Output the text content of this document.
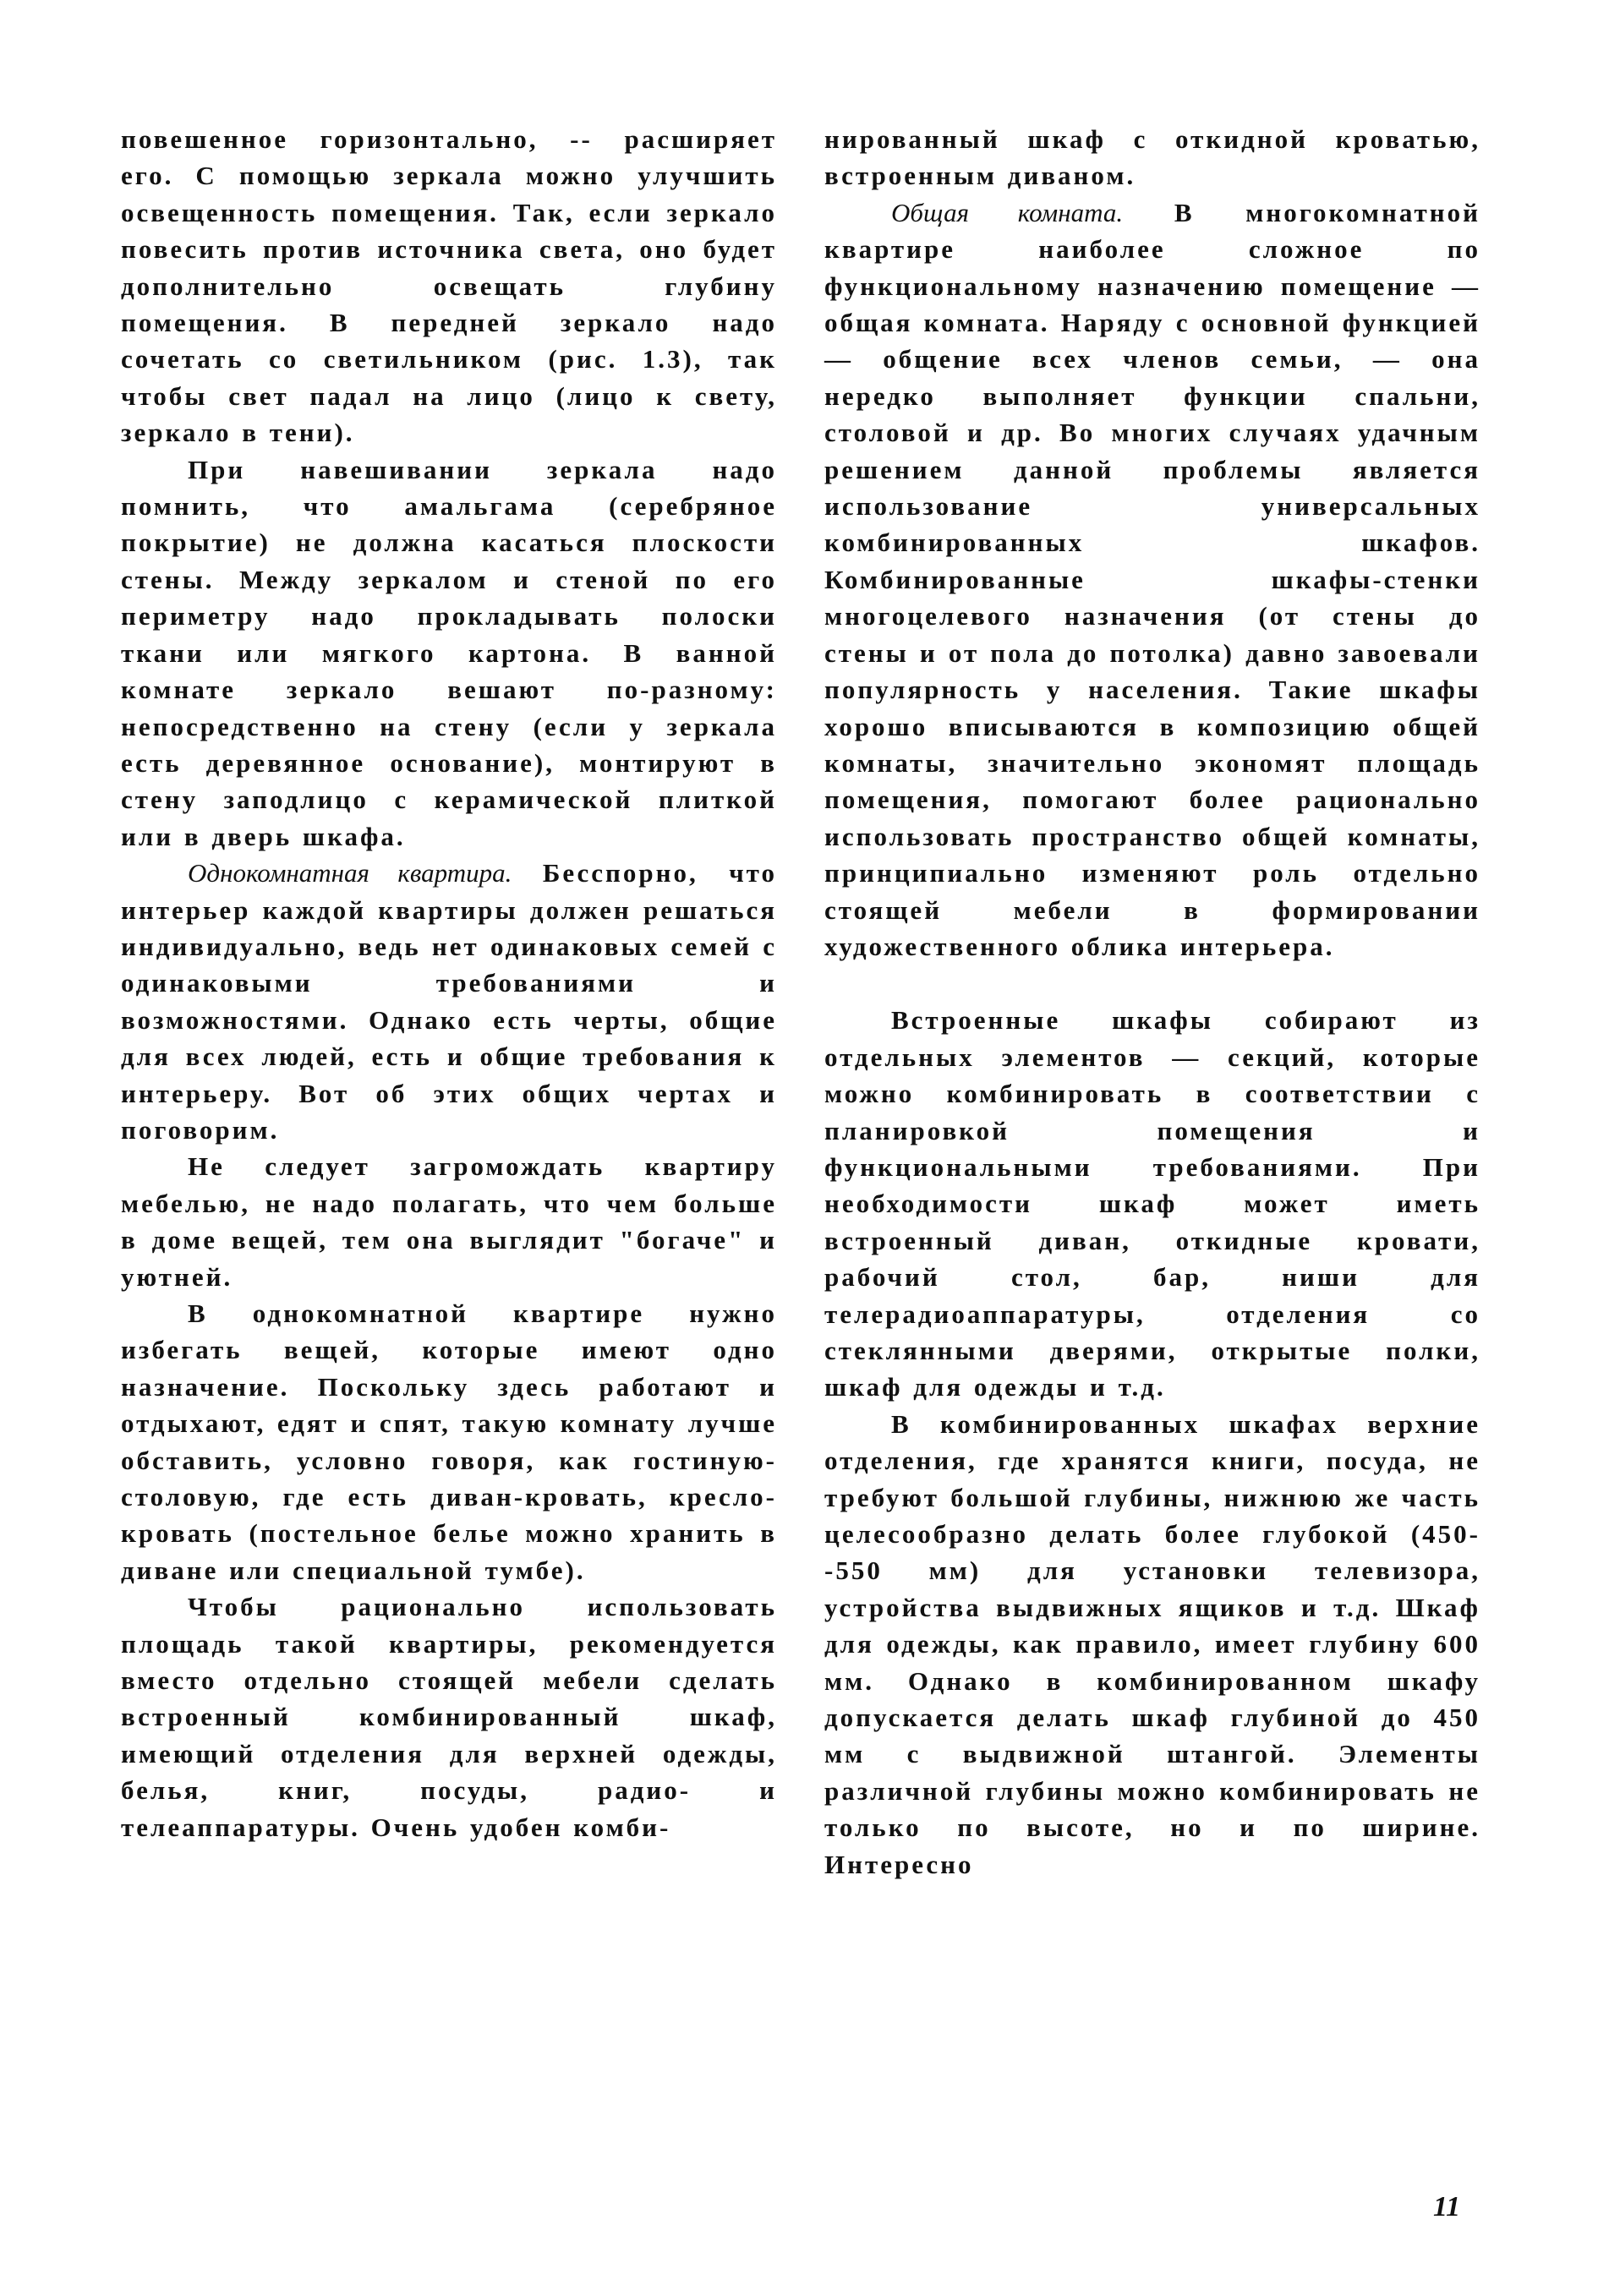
повешенное горизонтально, -- расширяет его. С помощью зеркала можно улучшить освещенность помещения. Так, если зеркало повесить против источника света, оно будет дополнительно освещать глубину помещения. В передней зеркало надо сочетать со светильником (рис. 1.3), так чтобы свет падал на лицо (лицо к свету, зеркало в тени).

При навешивании зеркала надо помнить, что амальгама (серебряное покрытие) не должна касаться плоскости стены. Между зеркалом и стеной по его периметру надо прокладывать полоски ткани или мягкого картона. В ванной комнате зеркало вешают по-разному: непосредственно на стену (если у зеркала есть деревянное основание), монтируют в стену заподлицо с керамической плиткой или в дверь шкафа.

Однокомнатная квартира. Бесспорно, что интерьер каждой квартиры должен решаться индивидуально, ведь нет одинаковых семей с одинаковыми требованиями и возможностями. Однако есть черты, общие для всех людей, есть и общие требования к интерьеру. Вот об этих общих чертах и поговорим.

Не следует загромождать квартиру мебелью, не надо полагать, что чем больше в доме вещей, тем она выглядит "богаче" и уютней.

В однокомнатной квартире нужно избегать вещей, которые имеют одно назначение. Поскольку здесь работают и отдыхают, едят и спят, такую комнату лучше обставить, условно говоря, как гостиную-столовую, где есть диван-кровать, кресло-кровать (постельное белье можно хранить в диване или специальной тумбе).

Чтобы рационально использовать площадь такой квартиры, рекомендуется вместо отдельно стоящей мебели сделать встроенный комбинированный шкаф, имеющий отделения для верхней одежды, белья, книг, посуды, радио- и телеаппаратуры. Очень удобен комби-

нированный шкаф с откидной кроватью, встроенным диваном.

Общая комната. В многокомнатной квартире наиболее сложное по функциональному назначению помещение — общая комната. Наряду с основной функцией — общение всех членов семьи, — она нередко выполняет функции спальни, столовой и др. Во многих случаях удачным решением данной проблемы является использование универсальных комбинированных шкафов. Комбинированные шкафы-стенки многоцелевого назначения (от стены до стены и от пола до потолка) давно завоевали популярность у населения. Такие шкафы хорошо вписываются в композицию общей комнаты, значительно экономят площадь помещения, помогают более рационально использовать пространство общей комнаты, принципиально изменяют роль отдельно стоящей мебели в формировании художественного облика интерьера.

Встроенные шкафы собирают из отдельных элементов — секций, которые можно комбинировать в соответствии с планировкой помещения и функциональными требованиями. При необходимости шкаф может иметь встроенный диван, откидные кровати, рабочий стол, бар, ниши для телерадиоаппаратуры, отделения со стеклянными дверями, открытые полки, шкаф для одежды и т.д.

В комбинированных шкафах верхние отделения, где хранятся книги, посуда, не требуют большой глубины, нижнюю же часть целесообразно делать более глубокой (450--550 мм) для установки телевизора, устройства выдвижных ящиков и т.д. Шкаф для одежды, как правило, имеет глубину 600 мм. Однако в комбинированном шкафу допускается делать шкаф глубиной до 450 мм с выдвижной штангой. Элементы различной глубины можно комбинировать не только по высоте, но и по ширине. Интересно

11
